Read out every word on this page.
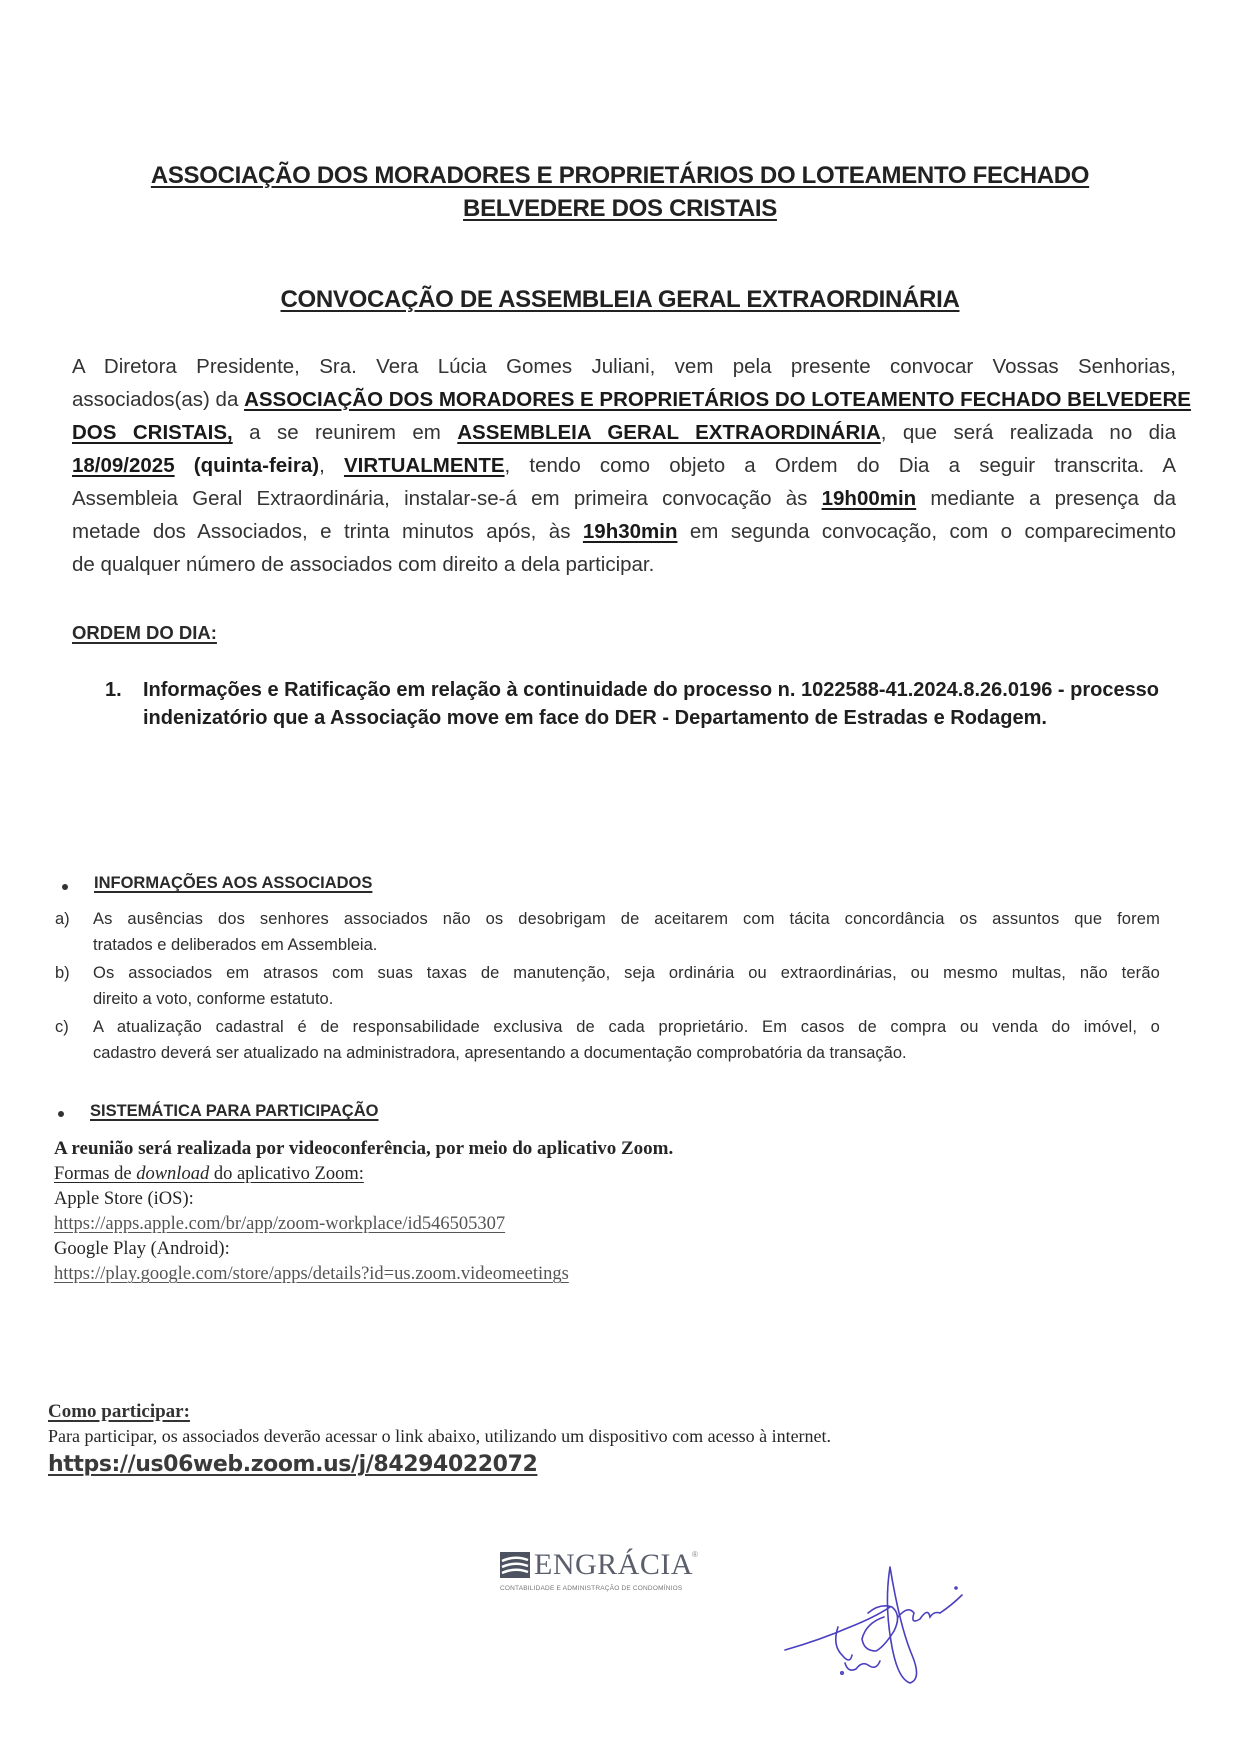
ASSOCIAÇÃO DOS MORADORES E PROPRIETÁRIOS DO LOTEAMENTO FECHADO
BELVEDERE DOS CRISTAIS
CONVOCAÇÃO DE ASSEMBLEIA GERAL EXTRAORDINÁRIA
A Diretora Presidente, Sra. Vera Lúcia Gomes Juliani, vem pela presente convocar Vossas Senhorias,
associados(as) da ASSOCIAÇÃO DOS MORADORES E PROPRIETÁRIOS DO LOTEAMENTO FECHADO BELVEDERE
DOS CRISTAIS, a se reunirem em ASSEMBLEIA GERAL EXTRAORDINÁRIA, que será realizada no dia
18/09/2025 (quinta-feira), VIRTUALMENTE, tendo como objeto a Ordem do Dia a seguir transcrita. A
Assembleia Geral Extraordinária, instalar-se-á em primeira convocação às 19h00min mediante a presença da
metade dos Associados, e trinta minutos após, às 19h30min em segunda convocação, com o comparecimento
de qualquer número de associados com direito a dela participar.
ORDEM DO DIA:
1. Informações e Ratificação em relação à continuidade do processo n. 1022588-41.2024.8.26.0196 - processo indenizatório que a Associação move em face do DER - Departamento de Estradas e Rodagem.
INFORMAÇÕES AOS ASSOCIADOS
a) As ausências dos senhores associados não os desobrigam de aceitarem com tácita concordância os assuntos que forem
tratados e deliberados em Assembleia.
b) Os associados em atrasos com suas taxas de manutenção, seja ordinária ou extraordinárias, ou mesmo multas, não terão
direito a voto, conforme estatuto.
c) A atualização cadastral é de responsabilidade exclusiva de cada proprietário. Em casos de compra ou venda do imóvel, o
cadastro deverá ser atualizado na administradora, apresentando a documentação comprobatória da transação.
SISTEMÁTICA PARA PARTICIPAÇÃO
A reunião será realizada por videoconferência, por meio do aplicativo Zoom.
Formas de download do aplicativo Zoom:
Apple Store (iOS):
https://apps.apple.com/br/app/zoom-workplace/id546505307
Google Play (Android):
https://play.google.com/store/apps/details?id=us.zoom.videomeetings
Como participar:
Para participar, os associados deverão acessar o link abaixo, utilizando um dispositivo com acesso à internet.
https://us06web.zoom.us/j/84294022072
ENGRÁCIA ®
CONTABILIDADE E ADMINISTRAÇÃO DE CONDOMÍNIOS
